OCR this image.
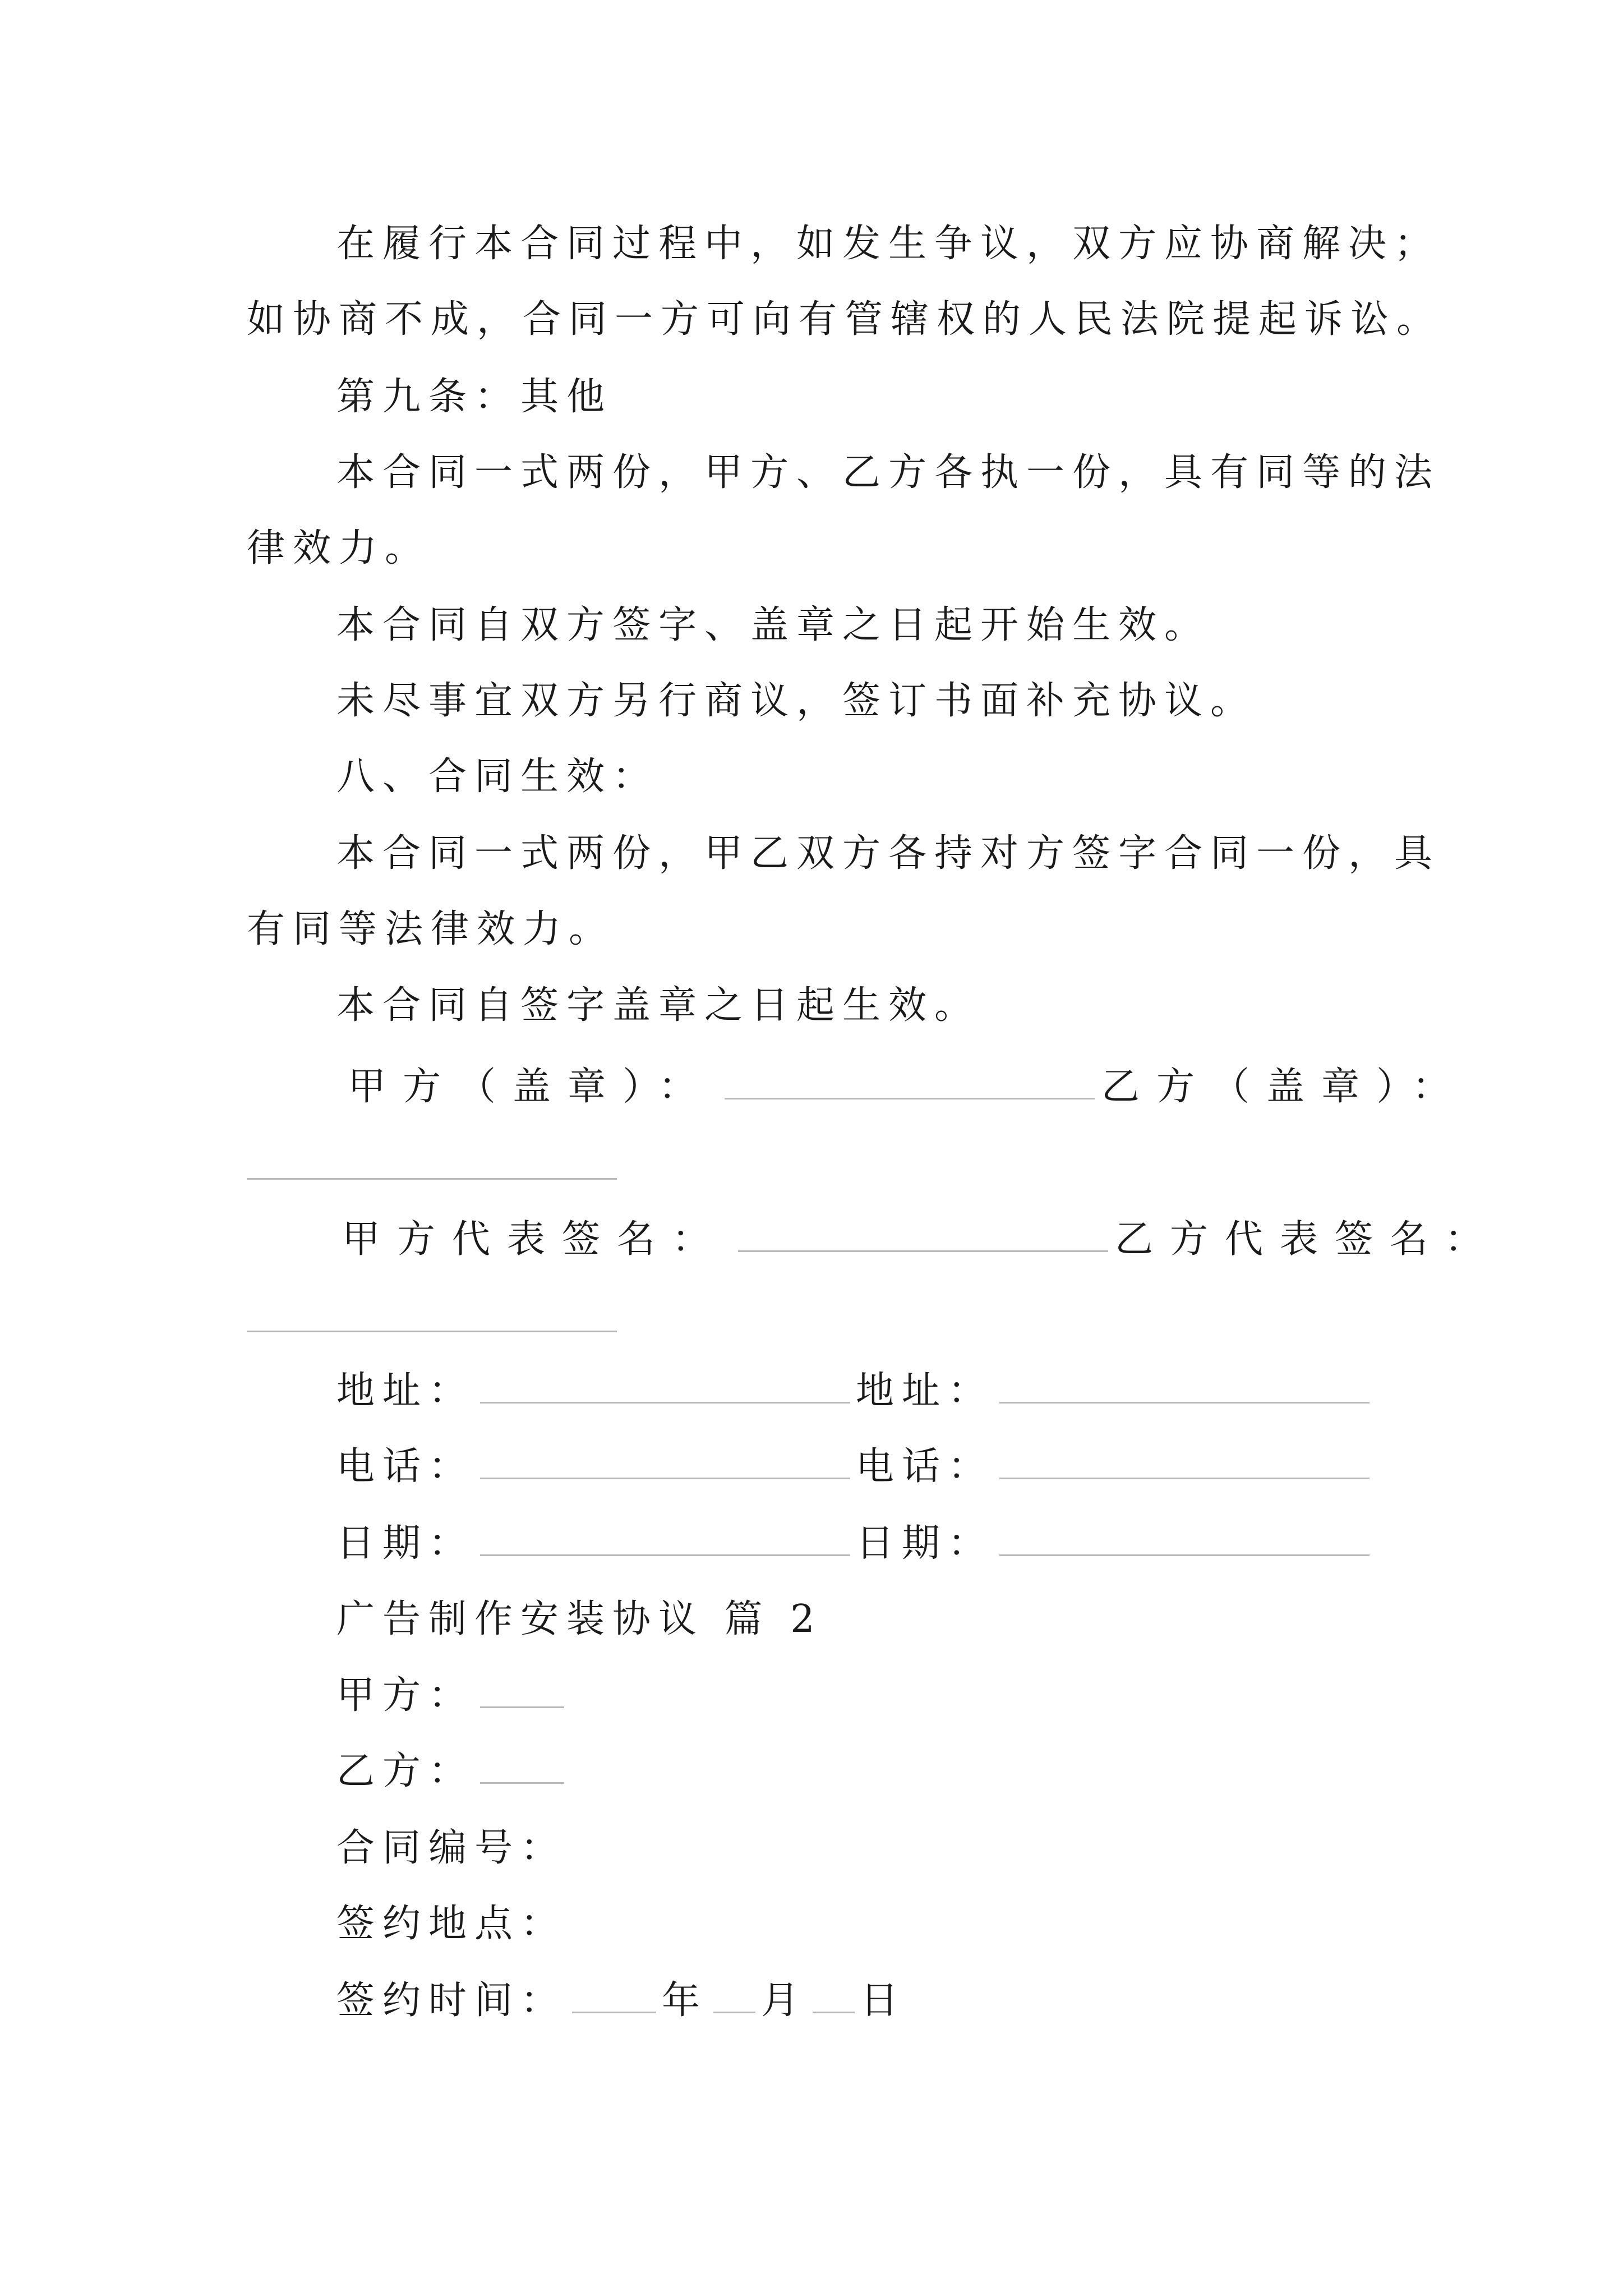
在履行本合同过程中，如发生争议，双方应协商解决；
如协商不成，合同一方可向有管辖权的人民法院提起诉讼。
第九条：其他
本合同一式两份，甲方、乙方各执一份，具有同等的法
律效力。
本合同自双方签字、盖章之日起开始生效。
未尽事宜双方另行商议，签订书面补充协议。
八、合同生效：
本合同一式两份，甲乙双方各持对方签字合同一份，具
有同等法律效力。
本合同自签字盖章之日起生效。
甲方（盖章）：	乙方（盖章）：
甲方代表签名：	乙方代表签名：
地址：	地址：
电话：	电话：
日期：	日期：
广告制作安装协议 篇 2
甲方：
乙方：
合同编号：
签约地点：
签约时间：	年 月 日
